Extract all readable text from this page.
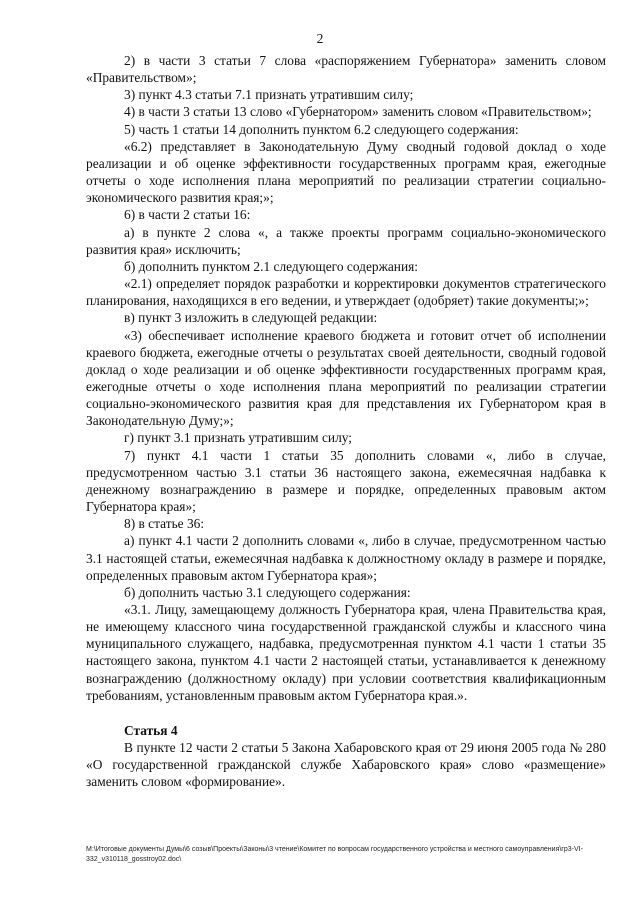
2

2) в части 3 статьи 7 слова «распоряжением Губернатора» заменить словом «Правительством»;

3) пункт 4.3 статьи 7.1 признать утратившим силу;

4) в части 3 статьи 13 слово «Губернатором» заменить словом «Правительством»;

5) часть 1 статьи 14 дополнить пунктом 6.2 следующего содержания:

«6.2) представляет в Законодательную Думу сводный годовой доклад о ходе реализации и об оценке эффективности государственных программ края, ежегодные отчеты о ходе исполнения плана мероприятий по реализации стратегии социально-экономического развития края;»;

6) в части 2 статьи 16:

а) в пункте 2 слова «, а также проекты программ социально-экономического развития края» исключить;

б) дополнить пунктом 2.1 следующего содержания:

«2.1) определяет порядок разработки и корректировки документов стратегического планирования, находящихся в его ведении, и утверждает (одобряет) такие документы;»;

в) пункт 3 изложить в следующей редакции:

«3) обеспечивает исполнение краевого бюджета и готовит отчет об исполнении краевого бюджета, ежегодные отчеты о результатах своей деятельности, сводный годовой доклад о ходе реализации и об оценке эффективности государственных программ края, ежегодные отчеты о ходе исполнения плана мероприятий по реализации стратегии социально-экономического развития края для представления их Губернатором края в Законодательную Думу;»;

г) пункт 3.1 признать утратившим силу;

7) пункт 4.1 части 1 статьи 35 дополнить словами «, либо в случае, предусмотренном частью 3.1 статьи 36 настоящего закона, ежемесячная надбавка к денежному вознаграждению в размере и порядке, определенных правовым актом Губернатора края»;

8) в статье 36:

а) пункт 4.1 части 2 дополнить словами «, либо в случае, предусмотренном частью 3.1 настоящей статьи, ежемесячная надбавка к должностному окладу в размере и порядке, определенных правовым актом Губернатора края»;

б) дополнить частью 3.1 следующего содержания:

«3.1. Лицу, замещающему должность Губернатора края, члена Правительства края, не имеющему классного чина государственной гражданской службы и классного чина муниципального служащего, надбавка, предусмотренная пунктом 4.1 части 1 статьи 35 настоящего закона, пунктом 4.1 части 2 настоящей статьи, устанавливается к денежному вознаграждению (должностному окладу) при условии соответствия квалификационным требованиям, установленным правовым актом Губернатора края.».

Статья 4

В пункте 12 части 2 статьи 5 Закона Хабаровского края от 29 июня 2005 года № 280 «О государственной гражданской службе Хабаровского края» слово «размещение» заменить словом «формирование».

М:\Итоговые документы Думы\6 созыв\Проекты\Законы\3 чтение\Комитет по вопросам государственного устройства и местного самоуправления\гр3-VI-332_v310118_gosstroy02.doc\
